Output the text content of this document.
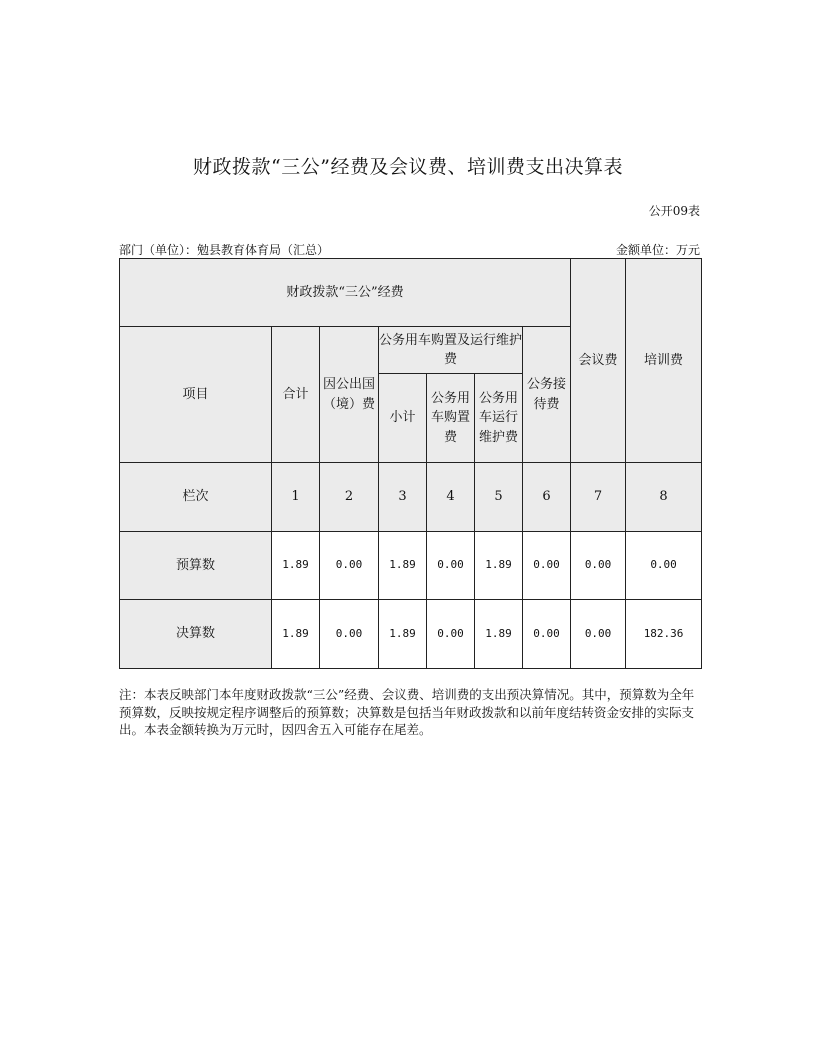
财政拨款“三公”经费及会议费、培训费支出决算表
公开09表
部门（单位）：勉县教育体育局（汇总）	金额单位：万元
财政拨款“三公”经费							会议费	培训费
项目	合计	因公出国（境）费	公务用车购置及运行维护费			公务接待费		
			小计	公务用车购置费	公务用车运行维护费			
栏次	1	2	3	4	5	6	7	8
预算数	1.89	0.00	1.89	0.00	1.89	0.00	0.00	0.00
决算数	1.89	0.00	1.89	0.00	1.89	0.00	0.00	182.36
注：本表反映部门本年度财政拨款“三公”经费、会议费、培训费的支出预决算情况。其中，预算数为全年预算数，反映按规定程序调整后的预算数；决算数是包括当年财政拨款和以前年度结转资金安排的实际支出。本表金额转换为万元时，因四舍五入可能存在尾差。
